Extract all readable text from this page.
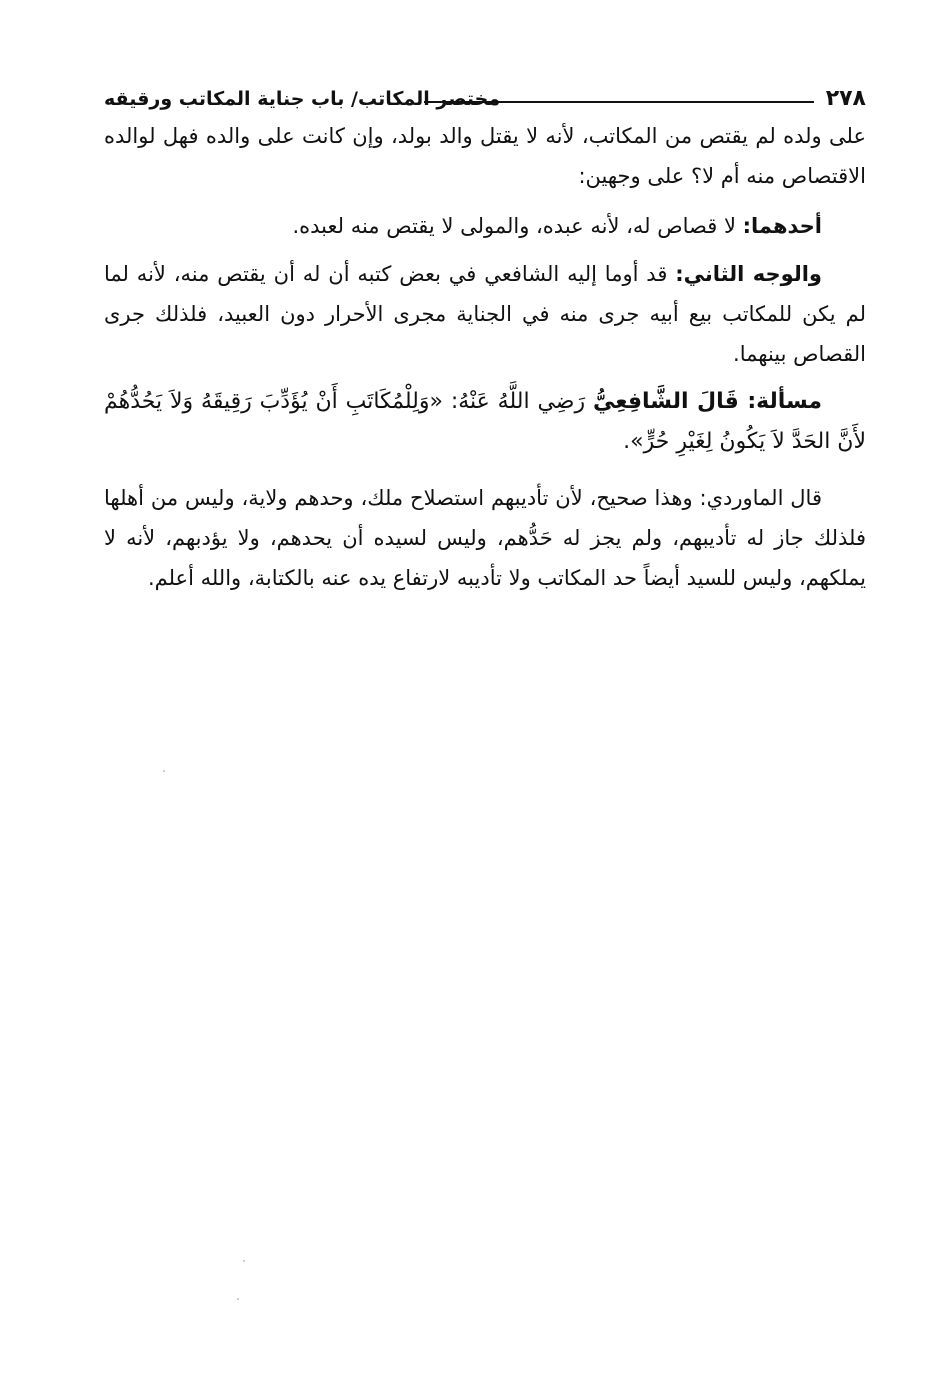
٢٧٨
مختصر المكاتب/ باب جناية المكاتب ورقيقه

على ولده لم يقتص من المكاتب، لأنه لا يقتل والد بولد، وإن كانت على والده فهل لوالده الاقتصاص منه أم لا؟ على وجهين:

أحدهما: لا قصاص له، لأنه عبده، والمولى لا يقتص منه لعبده.

والوجه الثاني: قد أوما إليه الشافعي في بعض كتبه أن له أن يقتص منه، لأنه لما لم يكن للمكاتب بيع أبيه جرى منه في الجناية مجرى الأحرار دون العبيد، فلذلك جرى القصاص بينهما.

مسألة: قَالَ الشَّافِعِيُّ رَضِي اللَّهُ عَنْهُ: «وَلِلْمُكَاتَبِ أَنْ يُؤَدِّبَ رَقِيقَهُ وَلاَ يَحُدُّهُمْ لأَنَّ الحَدَّ لاَ يَكُونُ لِغَيْرِ حُرٍّ».

قال الماوردي: وهذا صحيح، لأن تأديبهم استصلاح ملك، وحدهم ولاية، وليس من أهلها فلذلك جاز له تأديبهم، ولم يجز له حَدُّهم، وليس لسيده أن يحدهم، ولا يؤدبهم، لأنه لا يملكهم، وليس للسيد أيضاً حد المكاتب ولا تأديبه لارتفاع يده عنه بالكتابة، والله أعلم.
